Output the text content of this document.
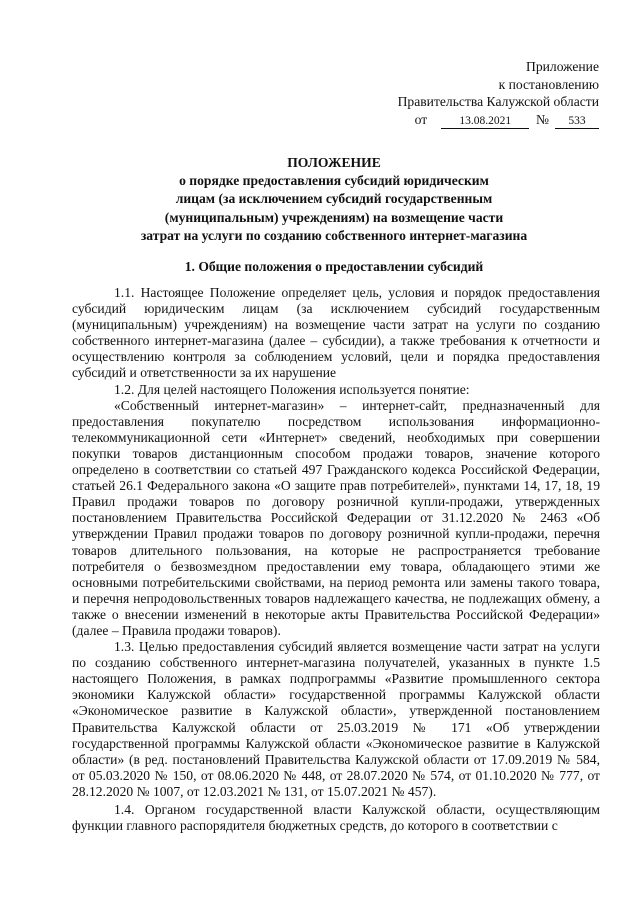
Приложение
к постановлению
Правительства Калужской области
от	13.08.2021 № 533
ПОЛОЖЕНИЕ
о порядке предоставления субсидий юридическим
лицам (за исключением субсидий государственным
(муниципальным) учреждениям) на возмещение части
затрат на услуги по созданию собственного интернет-магазина
1. Общие положения о предоставлении субсидий

1.1. Настоящее Положение определяет цель, условия и порядок предоставления субсидий юридическим лицам (за исключением субсидий государственным (муниципальным) учреждениям) на возмещение части затрат на услуги по созданию собственного интернет-магазина (далее – субсидии), а также требования к отчетности и осуществлению контроля за соблюдением условий, цели и порядка предоставления субсидий и ответственности за их нарушение

1.2. Для целей настоящего Положения используется понятие:

«Собственный интернет-магазин» – интернет-сайт, предназначенный для предоставления покупателю посредством использования информационно-телекоммуникационной сети «Интернет» сведений, необходимых при совершении покупки товаров дистанционным способом продажи товаров, значение которого определено в соответствии со статьей 497 Гражданского кодекса Российской Федерации, статьей 26.1 Федерального закона «О защите прав потребителей», пунктами 14, 17, 18, 19 Правил продажи товаров по договору розничной купли-продажи, утвержденных постановлением Правительства Российской Федерации от 31.12.2020 № 2463 «Об утверждении Правил продажи товаров по договору розничной купли-продажи, перечня товаров длительного пользования, на которые не распространяется требование потребителя о безвозмездном предоставлении ему товара, обладающего этими же основными потребительскими свойствами, на период ремонта или замены такого товара, и перечня непродовольственных товаров надлежащего качества, не подлежащих обмену, а также о внесении изменений в некоторые акты Правительства Российской Федерации» (далее – Правила продажи товаров).

1.3. Целью предоставления субсидий является возмещение части затрат на услуги по созданию собственного интернет-магазина получателей, указанных в пункте 1.5 настоящего Положения, в рамках подпрограммы «Развитие промышленного сектора экономики Калужской области» государственной программы Калужской области «Экономическое развитие в Калужской области», утвержденной постановлением Правительства Калужской области от 25.03.2019 № 171 «Об утверждении государственной программы Калужской области «Экономическое развитие в Калужской области» (в ред. постановлений Правительства Калужской области от 17.09.2019 № 584, от 05.03.2020 № 150, от 08.06.2020 № 448, от 28.07.2020 № 574, от 01.10.2020 № 777, от 28.12.2020 № 1007, от 12.03.2021 № 131, от 15.07.2021 № 457).

1.4. Органом государственной власти Калужской области, осуществляющим функции главного распорядителя бюджетных средств, до которого в соответствии с
